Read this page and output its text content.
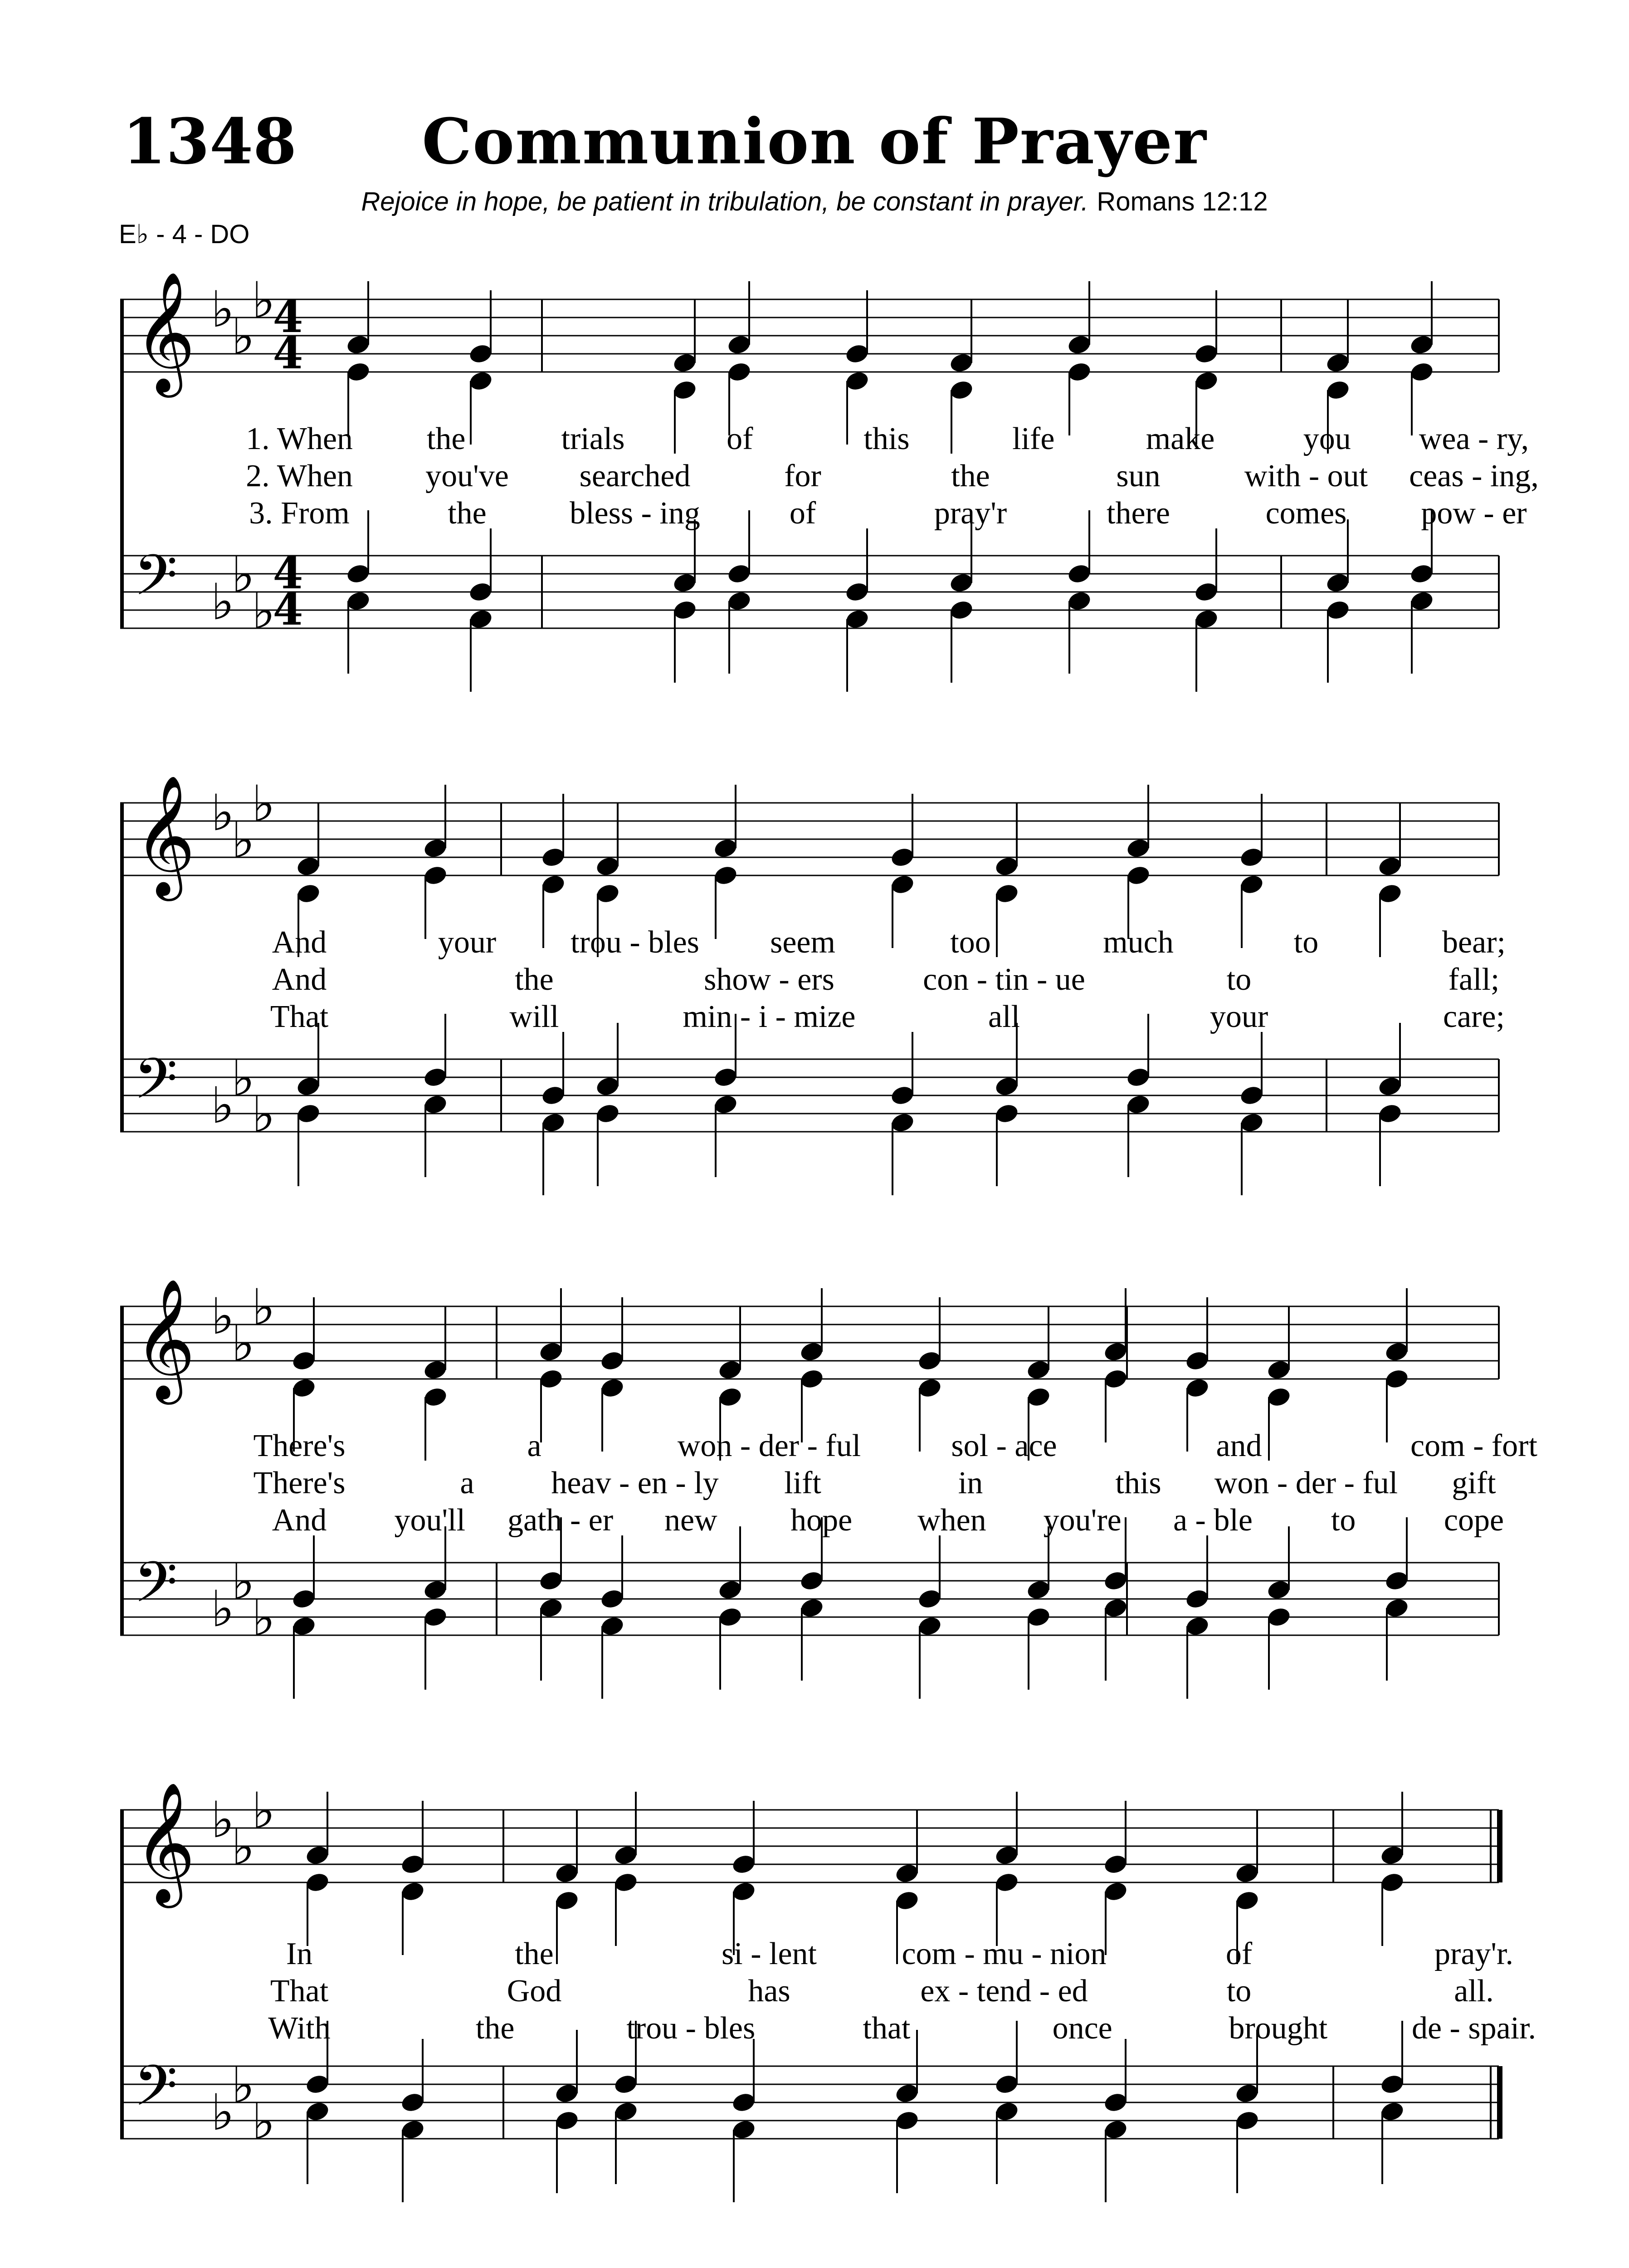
1348	Communion of Prayer
Rejoice in hope, be patient in tribulation, be constant in prayer. Romans 12:12
E♭ - 4 - DO
𝄞 ♭
♭
♭
4
4
𝄢 ♭
♭
♭
4
4
1. When the	trials	of	this	life	make	you wea - ry,
2. When you've searched	for	the	sun	with - out ceas - ing,
3. From	the	bless - ing	of	pray'r	there	comes pow - er
𝄞 ♭
♭
♭
𝄢 ♭
♭
♭
And	your trou - bles seem	too	much	to	bear;
And	the	show - ers	con - tin - ue	to	fall;
That	will	min - i - mize	all	your	care;
𝄞 ♭
♭
♭
𝄢 ♭
♭
♭
There's	a	won - der - ful	sol - ace	and	com - fort
There's	a heav - en - ly lift	in	this won - der - ful gift
And you'll gath - er new hope when you're a - ble to	cope
𝄞 ♭
♭
♭
𝄢 ♭
♭
♭
In	the	si - lent	com - mu - nion	of	pray'r.
That	God	has	ex - tend - ed	to	all.
With	the	trou - bles	that	once	brought	de - spair.
